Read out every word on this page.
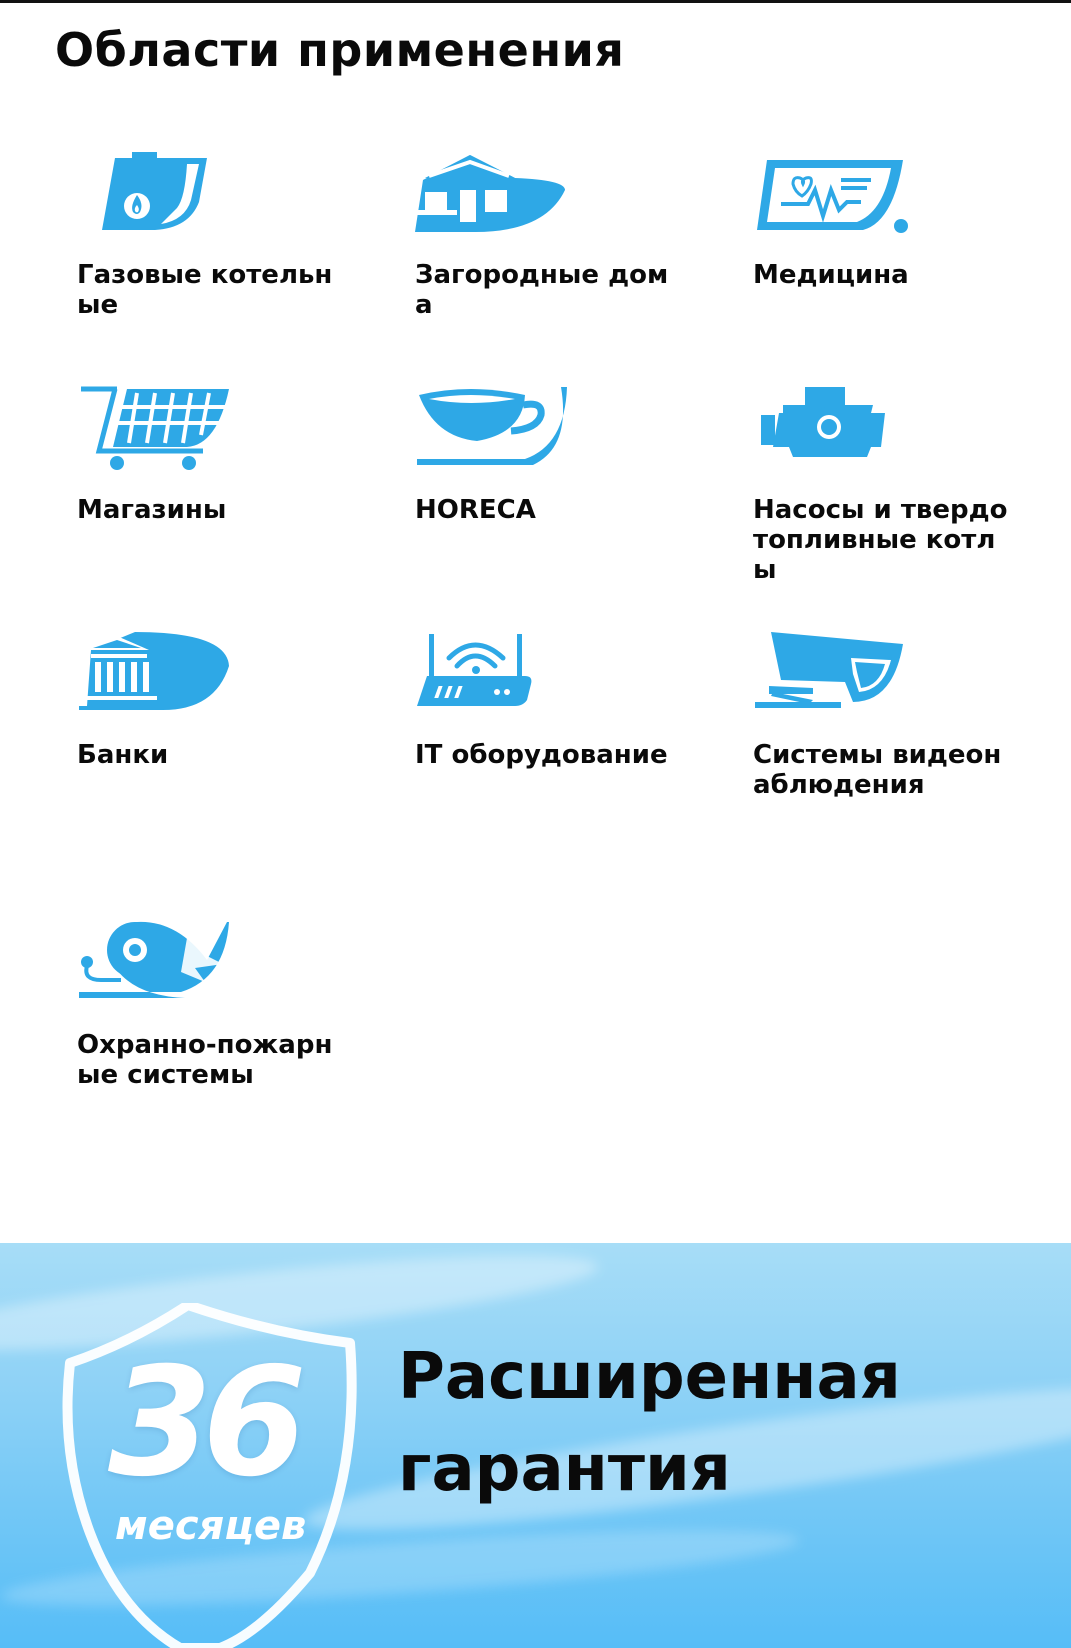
Области применения
Газовые котельные
Загородные дома
Медицина
Магазины	HORECA	Насосы и твердотопливные котлы
Банки	IT оборудование	Системы видеонаблюдения
Охранно-пожарные системы
36
месяцев
Расширенная гарантия
